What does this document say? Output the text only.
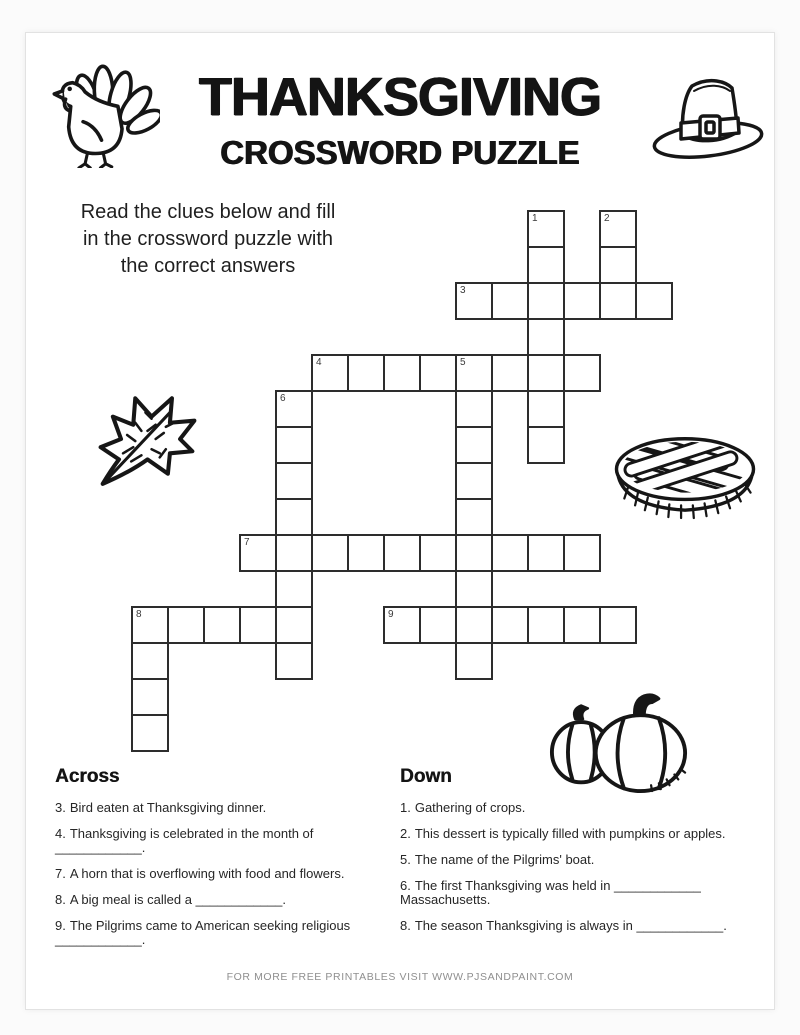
THANKSGIVING
CROSSWORD PUZZLE
Read the clues below and fill
in the crossword puzzle with
the correct answers
1	2
3
4	5
6
7
8	9
Across
3. Bird eaten at Thanksgiving dinner.
4. Thanksgiving is celebrated in the month of ____________.
7. A horn that is overflowing with food and flowers.
8. A big meal is called a ____________.
9. The Pilgrims came to American seeking religious ____________.
Down
1. Gathering of crops.
2. This dessert is typically filled with pumpkins or apples.
5. The name of the Pilgrims' boat.
6. The first Thanksgiving was held in ____________ Massachusetts.
8. The season Thanksgiving is always in ____________.
FOR MORE FREE PRINTABLES VISIT WWW.PJSANDPAINT.COM
